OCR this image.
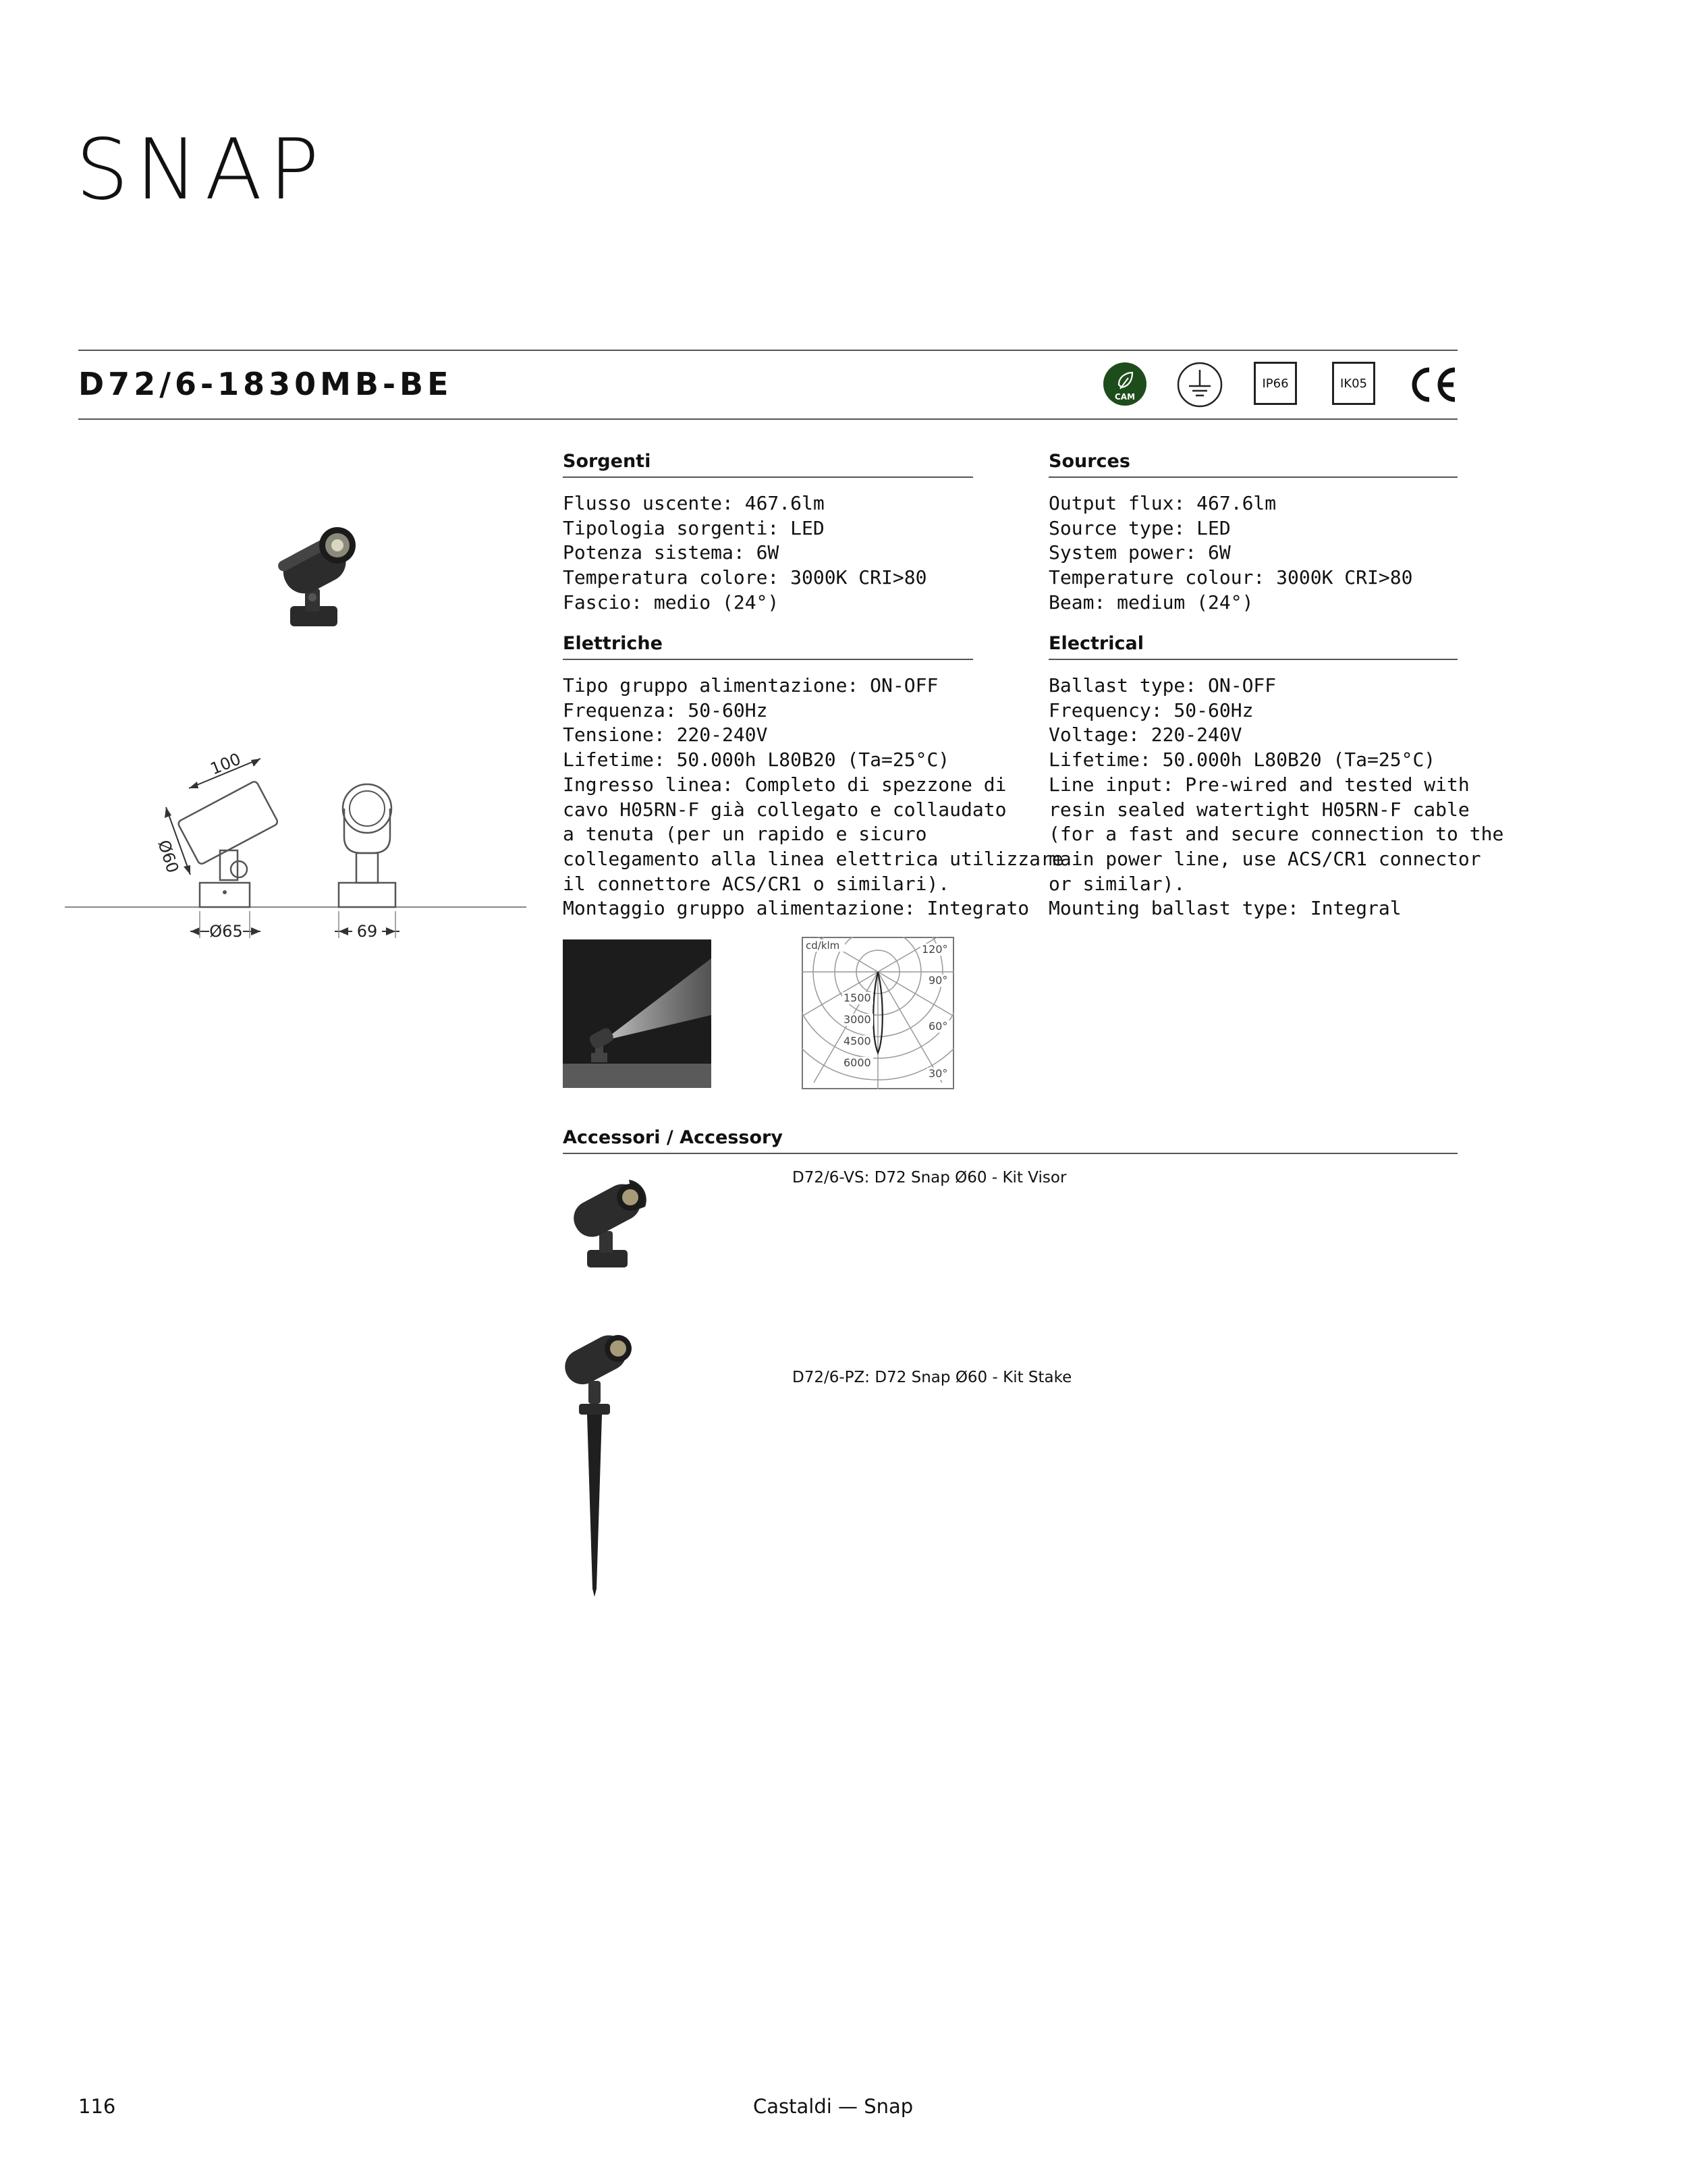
SNAP
D72/6-1830MB-BE	CAM
IP66	IK05
100
Ø60
Ø65	69
Sorgenti
Flusso uscente: 467.6lm
Tipologia sorgenti: LED
Potenza sistema: 6W
Temperatura colore: 3000K CRI>80
Fascio: medio (24°)
Elettriche
Tipo gruppo alimentazione: ON-OFF
Frequenza: 50-60Hz
Tensione: 220-240V
Lifetime: 50.000h L80B20 (Ta=25°C)
Ingresso linea: Completo di spezzone di
cavo H05RN-F già collegato e collaudato
a tenuta (per un rapido e sicuro
collegamento alla linea elettrica utilizzare
il connettore ACS/CR1 o similari).
Montaggio gruppo alimentazione: Integrato
Sources
Output flux: 467.6lm
Source type: LED
System power: 6W
Temperature colour: 3000K CRI>80
Beam: medium (24°)
Electrical
Ballast type: ON-OFF
Frequency: 50-60Hz
Voltage: 220-240V
Lifetime: 50.000h L80B20 (Ta=25°C)
Line input: Pre-wired and tested with
resin sealed watertight H05RN-F cable
(for a fast and secure connection to the
main power line, use ACS/CR1 connector
or similar).
Mounting ballast type: Integral
cd/klm	120°
90°
60°
30°
1500
3000
4500
6000
Accessori / Accessory
D72/6-VS: D72 Snap Ø60 - Kit Visor
D72/6-PZ: D72 Snap Ø60 - Kit Stake
116	Castaldi — Snap
